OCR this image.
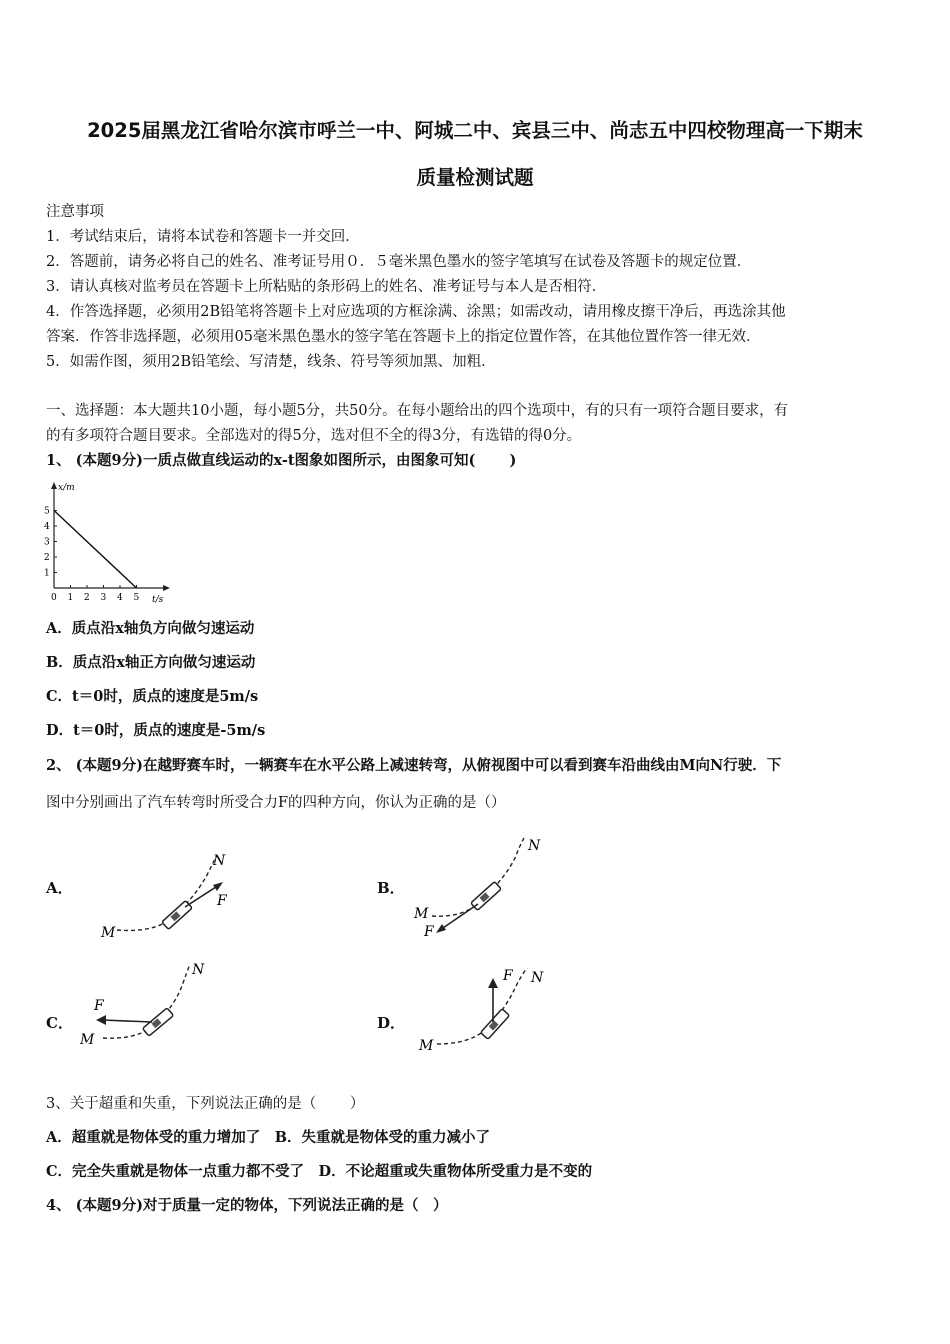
2025届黑龙江省哈尔滨市呼兰一中、阿城二中、宾县三中、尚志五中四校物理高一下期末
质量检测试题
注意事项
1．考试结束后，请将本试卷和答题卡一并交回．
2．答题前，请务必将自己的姓名、准考证号用０．５毫米黑色墨水的签字笔填写在试卷及答题卡的规定位置．
3．请认真核对监考员在答题卡上所粘贴的条形码上的姓名、准考证号与本人是否相符．
4．作答选择题，必须用2B铅笔将答题卡上对应选项的方框涂满、涂黑；如需改动，请用橡皮擦干净后，再选涂其他
答案．作答非选择题，必须用05毫米黑色墨水的签字笔在答题卡上的指定位置作答，在其他位置作答一律无效．
5．如需作图，须用2B铅笔绘、写清楚，线条、符号等须加黑、加粗．
一、选择题：本大题共10小题，每小题5分，共50分。在每小题给出的四个选项中，有的只有一项符合题目要求，有
的有多项符合题目要求。全部选对的得5分，选对但不全的得3分，有选错的得0分。
1、 (本题9分)一质点做直线运动的x-t图象如图所示，由图象可知(　　 )
5
4
3
2
1
0 1 2 3 4 5
x/m
t/s
A．质点沿x轴负方向做匀速运动
B．质点沿x轴正方向做匀速运动
C．t＝0时，质点的速度是5m/s
D．t＝0时，质点的速度是-5m/s
2、 (本题9分)在越野赛车时，一辆赛车在水平公路上减速转弯，从俯视图中可以看到赛车沿曲线由M向N行驶．下
图中分别画出了汽车转弯时所受合力F的四种方向，你认为正确的是（）
A．	B．
C．	D．
M
N
F
M
N
F
M
N
F
M
N
F
3、关于超重和失重，下列说法正确的是（　　 ）
A．超重就是物体受的重力增加了　B．失重就是物体受的重力减小了
C．完全失重就是物体一点重力都不受了　D．不论超重或失重物体所受重力是不变的
4、 (本题9分)对于质量一定的物体，下列说法正确的是（　）
